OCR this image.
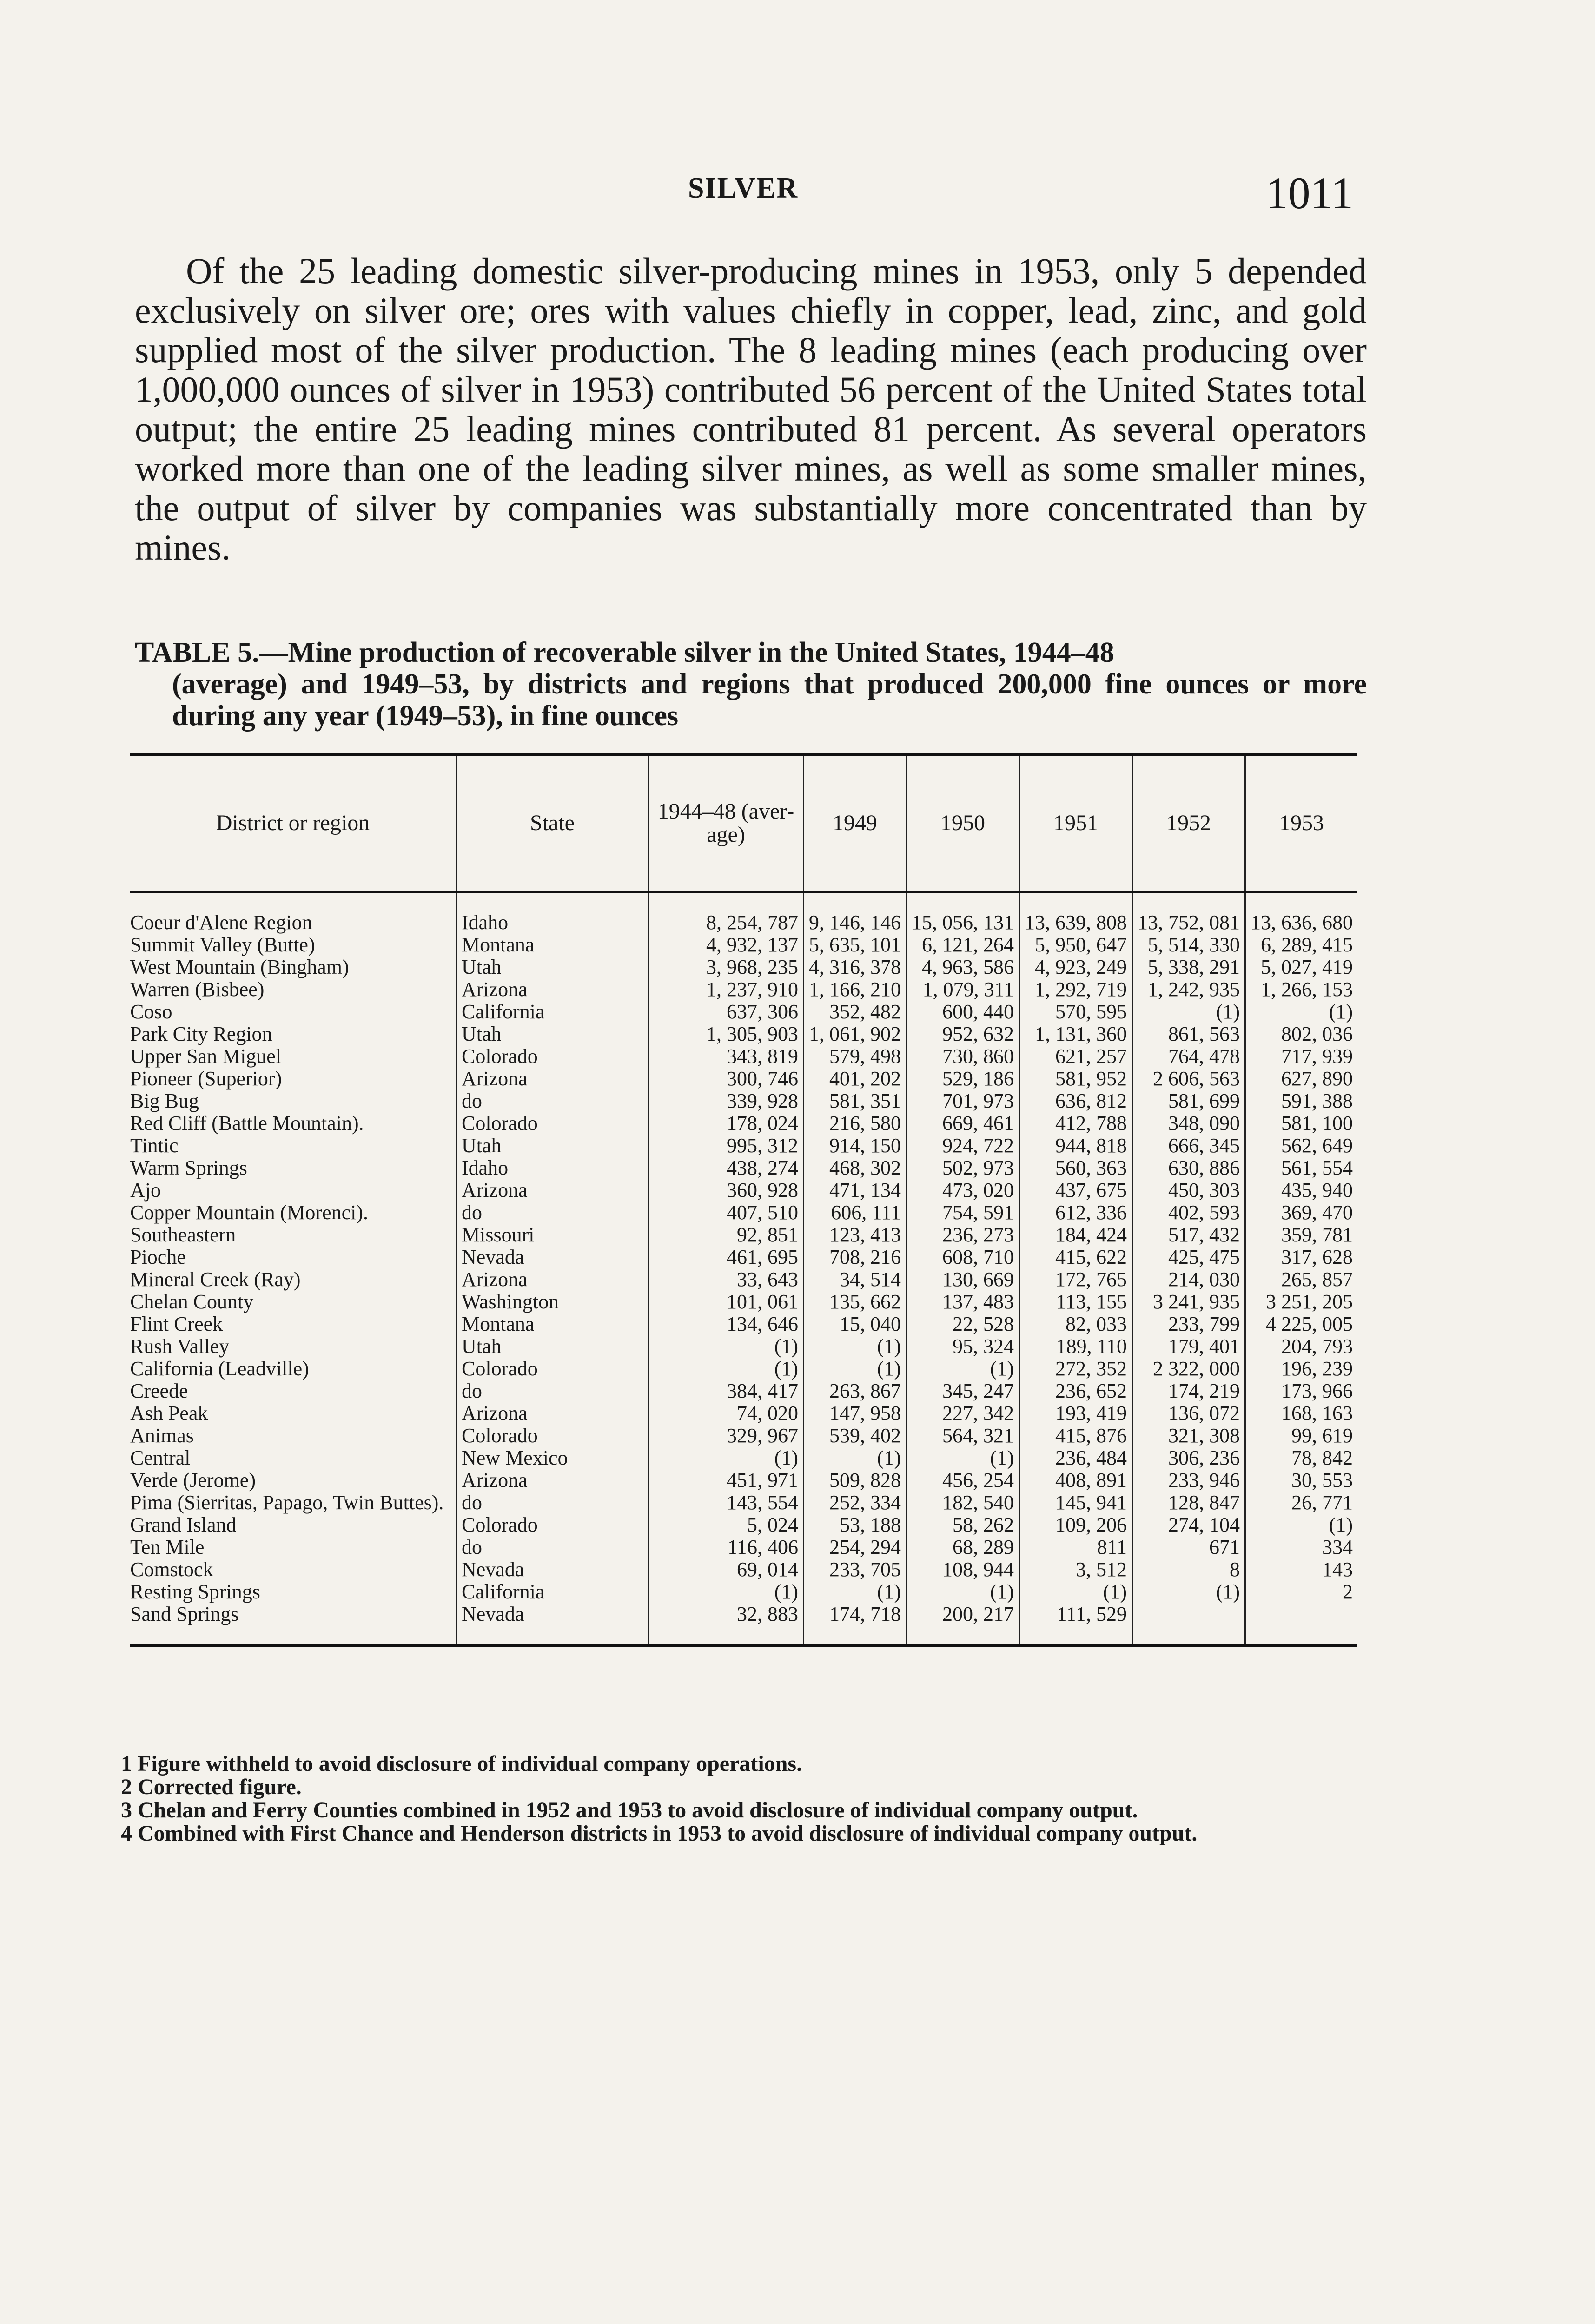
SILVER	1011

Of the 25 leading domestic silver-producing mines in 1953, only 5 depended exclusively on silver ore; ores with values chiefly in copper, lead, zinc, and gold supplied most of the silver production. The 8 leading mines (each producing over 1,000,000 ounces of silver in 1953) contributed 56 percent of the United States total output; the entire 25 leading mines contributed 81 percent. As several operators worked more than one of the leading silver mines, as well as some smaller mines, the output of silver by companies was substantially more concentrated than by mines.

TABLE 5.—Mine production of recoverable silver in the United States, 1944–48
(average) and 1949–53, by districts and regions that produced 200,000 fine ounces or more during any year (1949–53), in fine ounces
District or region	State	1944–48 (aver-age)	1949	1950	1951	1952	1953
Coeur d'Alene Region	Idaho	8, 254, 787	9, 146, 146	15, 056, 131	13, 639, 808	13, 752, 081	13, 636, 680
Summit Valley (Butte)	Montana	4, 932, 137	5, 635, 101	6, 121, 264	5, 950, 647	5, 514, 330	6, 289, 415
West Mountain (Bingham)	Utah	3, 968, 235	4, 316, 378	4, 963, 586	4, 923, 249	5, 338, 291	5, 027, 419
Warren (Bisbee)	Arizona	1, 237, 910	1, 166, 210	1, 079, 311	1, 292, 719	1, 242, 935	1, 266, 153
Coso	California	637, 306	352, 482	600, 440	570, 595	(1)	(1)
Park City Region	Utah	1, 305, 903	1, 061, 902	952, 632	1, 131, 360	861, 563	802, 036
Upper San Miguel	Colorado	343, 819	579, 498	730, 860	621, 257	764, 478	717, 939
Pioneer (Superior)	Arizona	300, 746	401, 202	529, 186	581, 952	2 606, 563	627, 890
Big Bug	do	339, 928	581, 351	701, 973	636, 812	581, 699	591, 388
Red Cliff (Battle Mountain).	Colorado	178, 024	216, 580	669, 461	412, 788	348, 090	581, 100
Tintic	Utah	995, 312	914, 150	924, 722	944, 818	666, 345	562, 649
Warm Springs	Idaho	438, 274	468, 302	502, 973	560, 363	630, 886	561, 554
Ajo	Arizona	360, 928	471, 134	473, 020	437, 675	450, 303	435, 940
Copper Mountain (Morenci).	do	407, 510	606, 111	754, 591	612, 336	402, 593	369, 470
Southeastern	Missouri	92, 851	123, 413	236, 273	184, 424	517, 432	359, 781
Pioche	Nevada	461, 695	708, 216	608, 710	415, 622	425, 475	317, 628
Mineral Creek (Ray)	Arizona	33, 643	34, 514	130, 669	172, 765	214, 030	265, 857
Chelan County	Washington	101, 061	135, 662	137, 483	113, 155	3 241, 935	3 251, 205
Flint Creek	Montana	134, 646	15, 040	22, 528	82, 033	233, 799	4 225, 005
Rush Valley	Utah	(1)	(1)	95, 324	189, 110	179, 401	204, 793
California (Leadville)	Colorado	(1)	(1)	(1)	272, 352	2 322, 000	196, 239
Creede	do	384, 417	263, 867	345, 247	236, 652	174, 219	173, 966
Ash Peak	Arizona	74, 020	147, 958	227, 342	193, 419	136, 072	168, 163
Animas	Colorado	329, 967	539, 402	564, 321	415, 876	321, 308	99, 619
Central	New Mexico	(1)	(1)	(1)	236, 484	306, 236	78, 842
Verde (Jerome)	Arizona	451, 971	509, 828	456, 254	408, 891	233, 946	30, 553
Pima (Sierritas, Papago, Twin Buttes).	do	143, 554	252, 334	182, 540	145, 941	128, 847	26, 771
Grand Island	Colorado	5, 024	53, 188	58, 262	109, 206	274, 104	(1)
Ten Mile	do	116, 406	254, 294	68, 289	811	671	334
Comstock	Nevada	69, 014	233, 705	108, 944	3, 512	8	143
Resting Springs	California	(1)	(1)	(1)	(1)	(1)	2
Sand Springs	Nevada	32, 883	174, 718	200, 217	111, 529		

1 Figure withheld to avoid disclosure of individual company operations.

2 Corrected figure.

3 Chelan and Ferry Counties combined in 1952 and 1953 to avoid disclosure of individual company output.

4 Combined with First Chance and Henderson districts in 1953 to avoid disclosure of individual company output.
